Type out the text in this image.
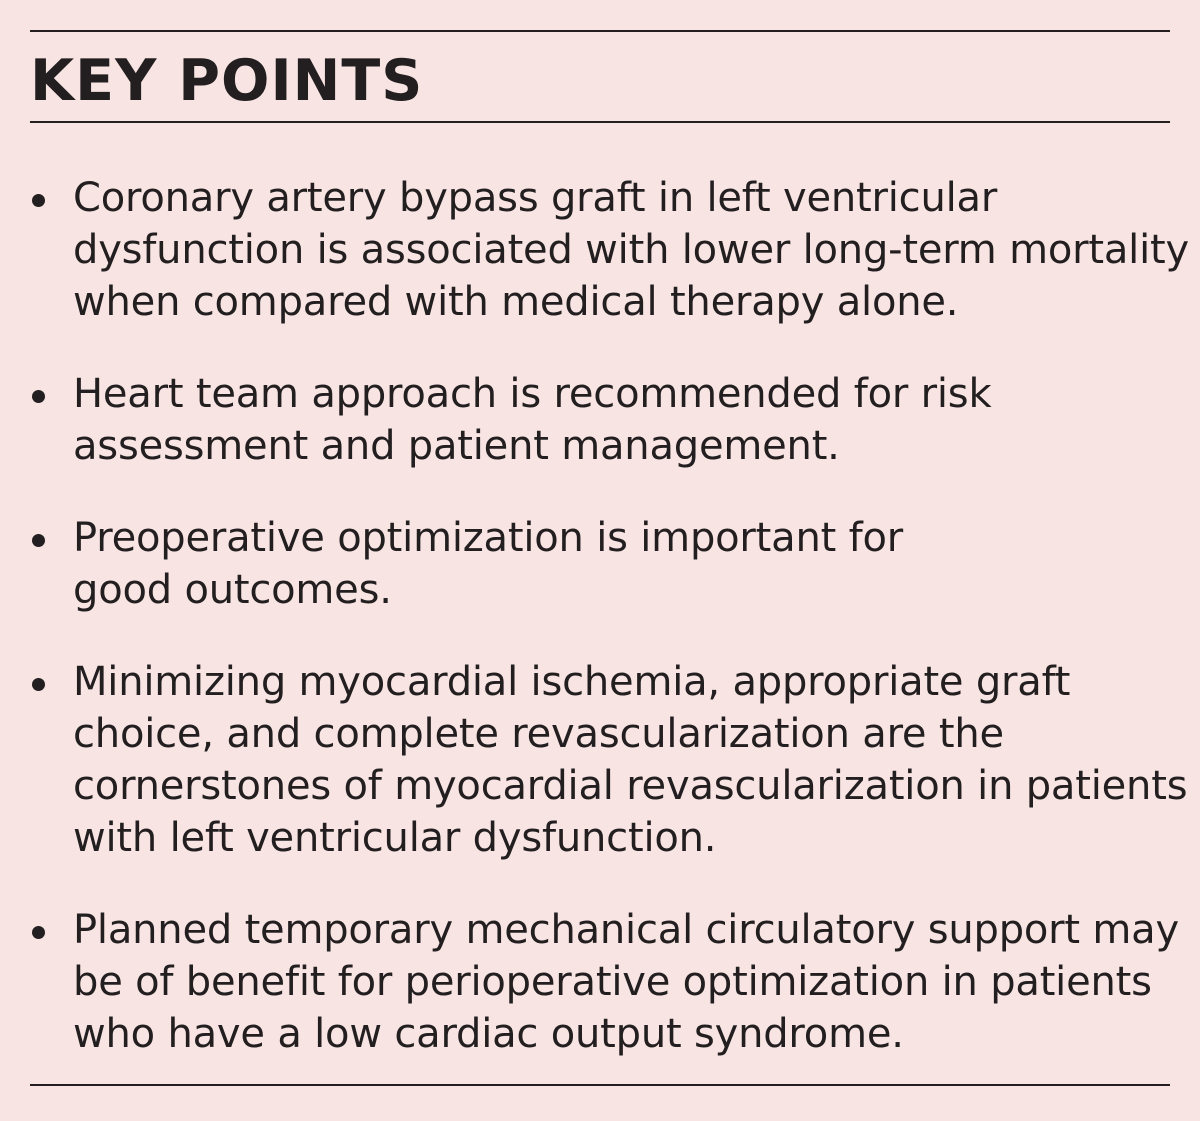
KEY POINTS
Coronary artery bypass graft in left ventricular
dysfunction is associated with lower long-term mortality
when compared with medical therapy alone.
Heart team approach is recommended for risk
assessment and patient management.
Preoperative optimization is important for
good outcomes.
Minimizing myocardial ischemia, appropriate graft
choice, and complete revascularization are the
cornerstones of myocardial revascularization in patients
with left ventricular dysfunction.
Planned temporary mechanical circulatory support may
be of benefit for perioperative optimization in patients
who have a low cardiac output syndrome.
